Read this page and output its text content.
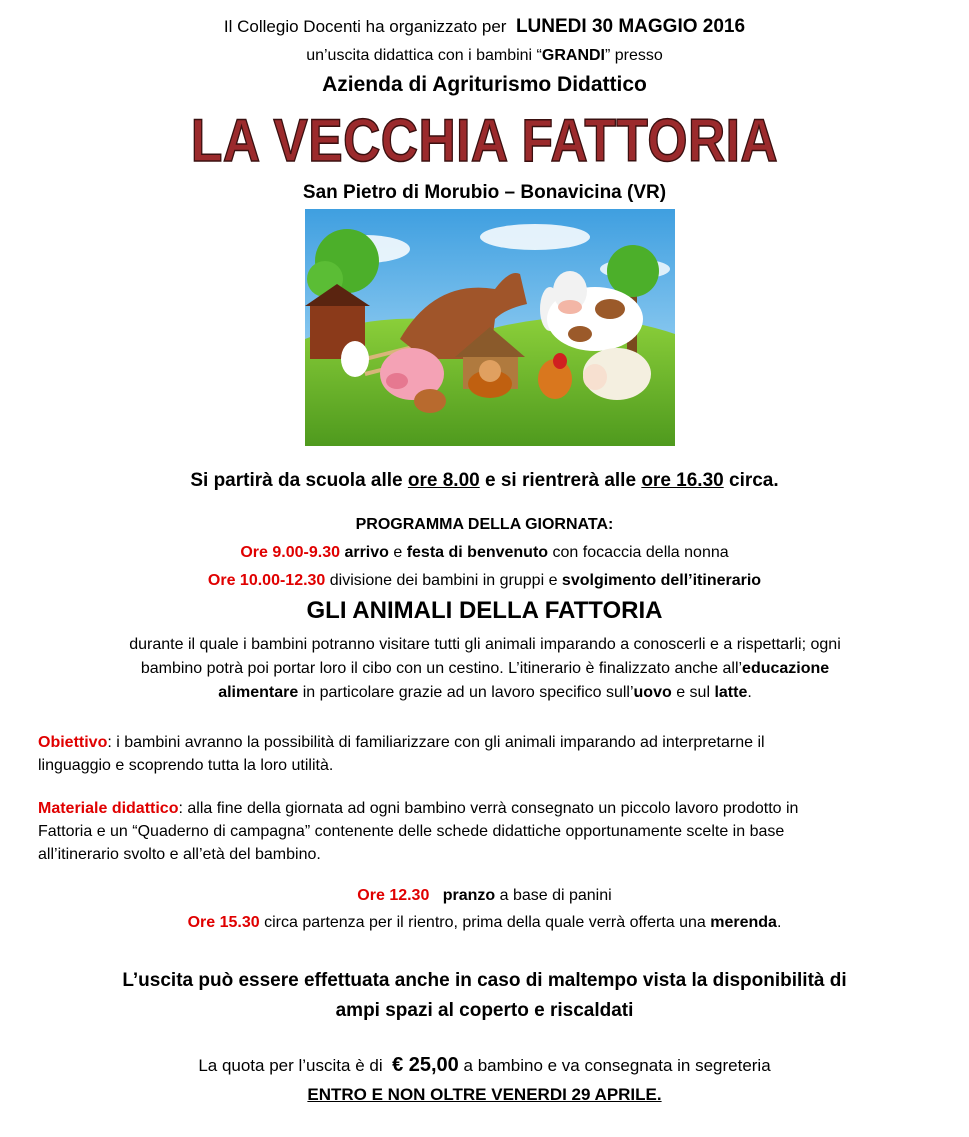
Il Collegio Docenti ha organizzato per LUNEDI 30 MAGGIO 2016
un’uscita didattica con i bambini “GRANDI” presso
Azienda di Agriturismo Didattico
LA VECCHIA FATTORIA
San Pietro di Morubio – Bonavicina (VR)
Si partirà da scuola alle ore 8.00 e si rientrerà alle ore 16.30 circa.
PROGRAMMA DELLA GIORNATA:
Ore 9.00-9.30 arrivo e festa di benvenuto con focaccia della nonna
Ore 10.00-12.30 divisione dei bambini in gruppi e svolgimento dell’itinerario
GLI ANIMALI DELLA FATTORIA
durante il quale i bambini potranno visitare tutti gli animali imparando a conoscerli e a rispettarli; ogni
bambino potrà poi portar loro il cibo con un cestino. L’itinerario è finalizzato anche all’educazione
alimentare in particolare grazie ad un lavoro specifico sull’uovo e sul latte.
Obiettivo: i bambini avranno la possibilità di familiarizzare con gli animali imparando ad interpretarne il
linguaggio e scoprendo tutta la loro utilità.
Materiale didattico: alla fine della giornata ad ogni bambino verrà consegnato un piccolo lavoro prodotto in
Fattoria e un “Quaderno di campagna” contenente delle schede didattiche opportunamente scelte in base
all’itinerario svolto e all’età del bambino.
Ore 12.30 pranzo a base di panini
Ore 15.30 circa partenza per il rientro, prima della quale verrà offerta una merenda.
L’uscita può essere effettuata anche in caso di maltempo vista la disponibilità di
ampi spazi al coperto e riscaldati
La quota per l’uscita è di  € 25,00 a bambino e va consegnata in segreteria
ENTRO E NON OLTRE VENERDI 29 APRILE.
